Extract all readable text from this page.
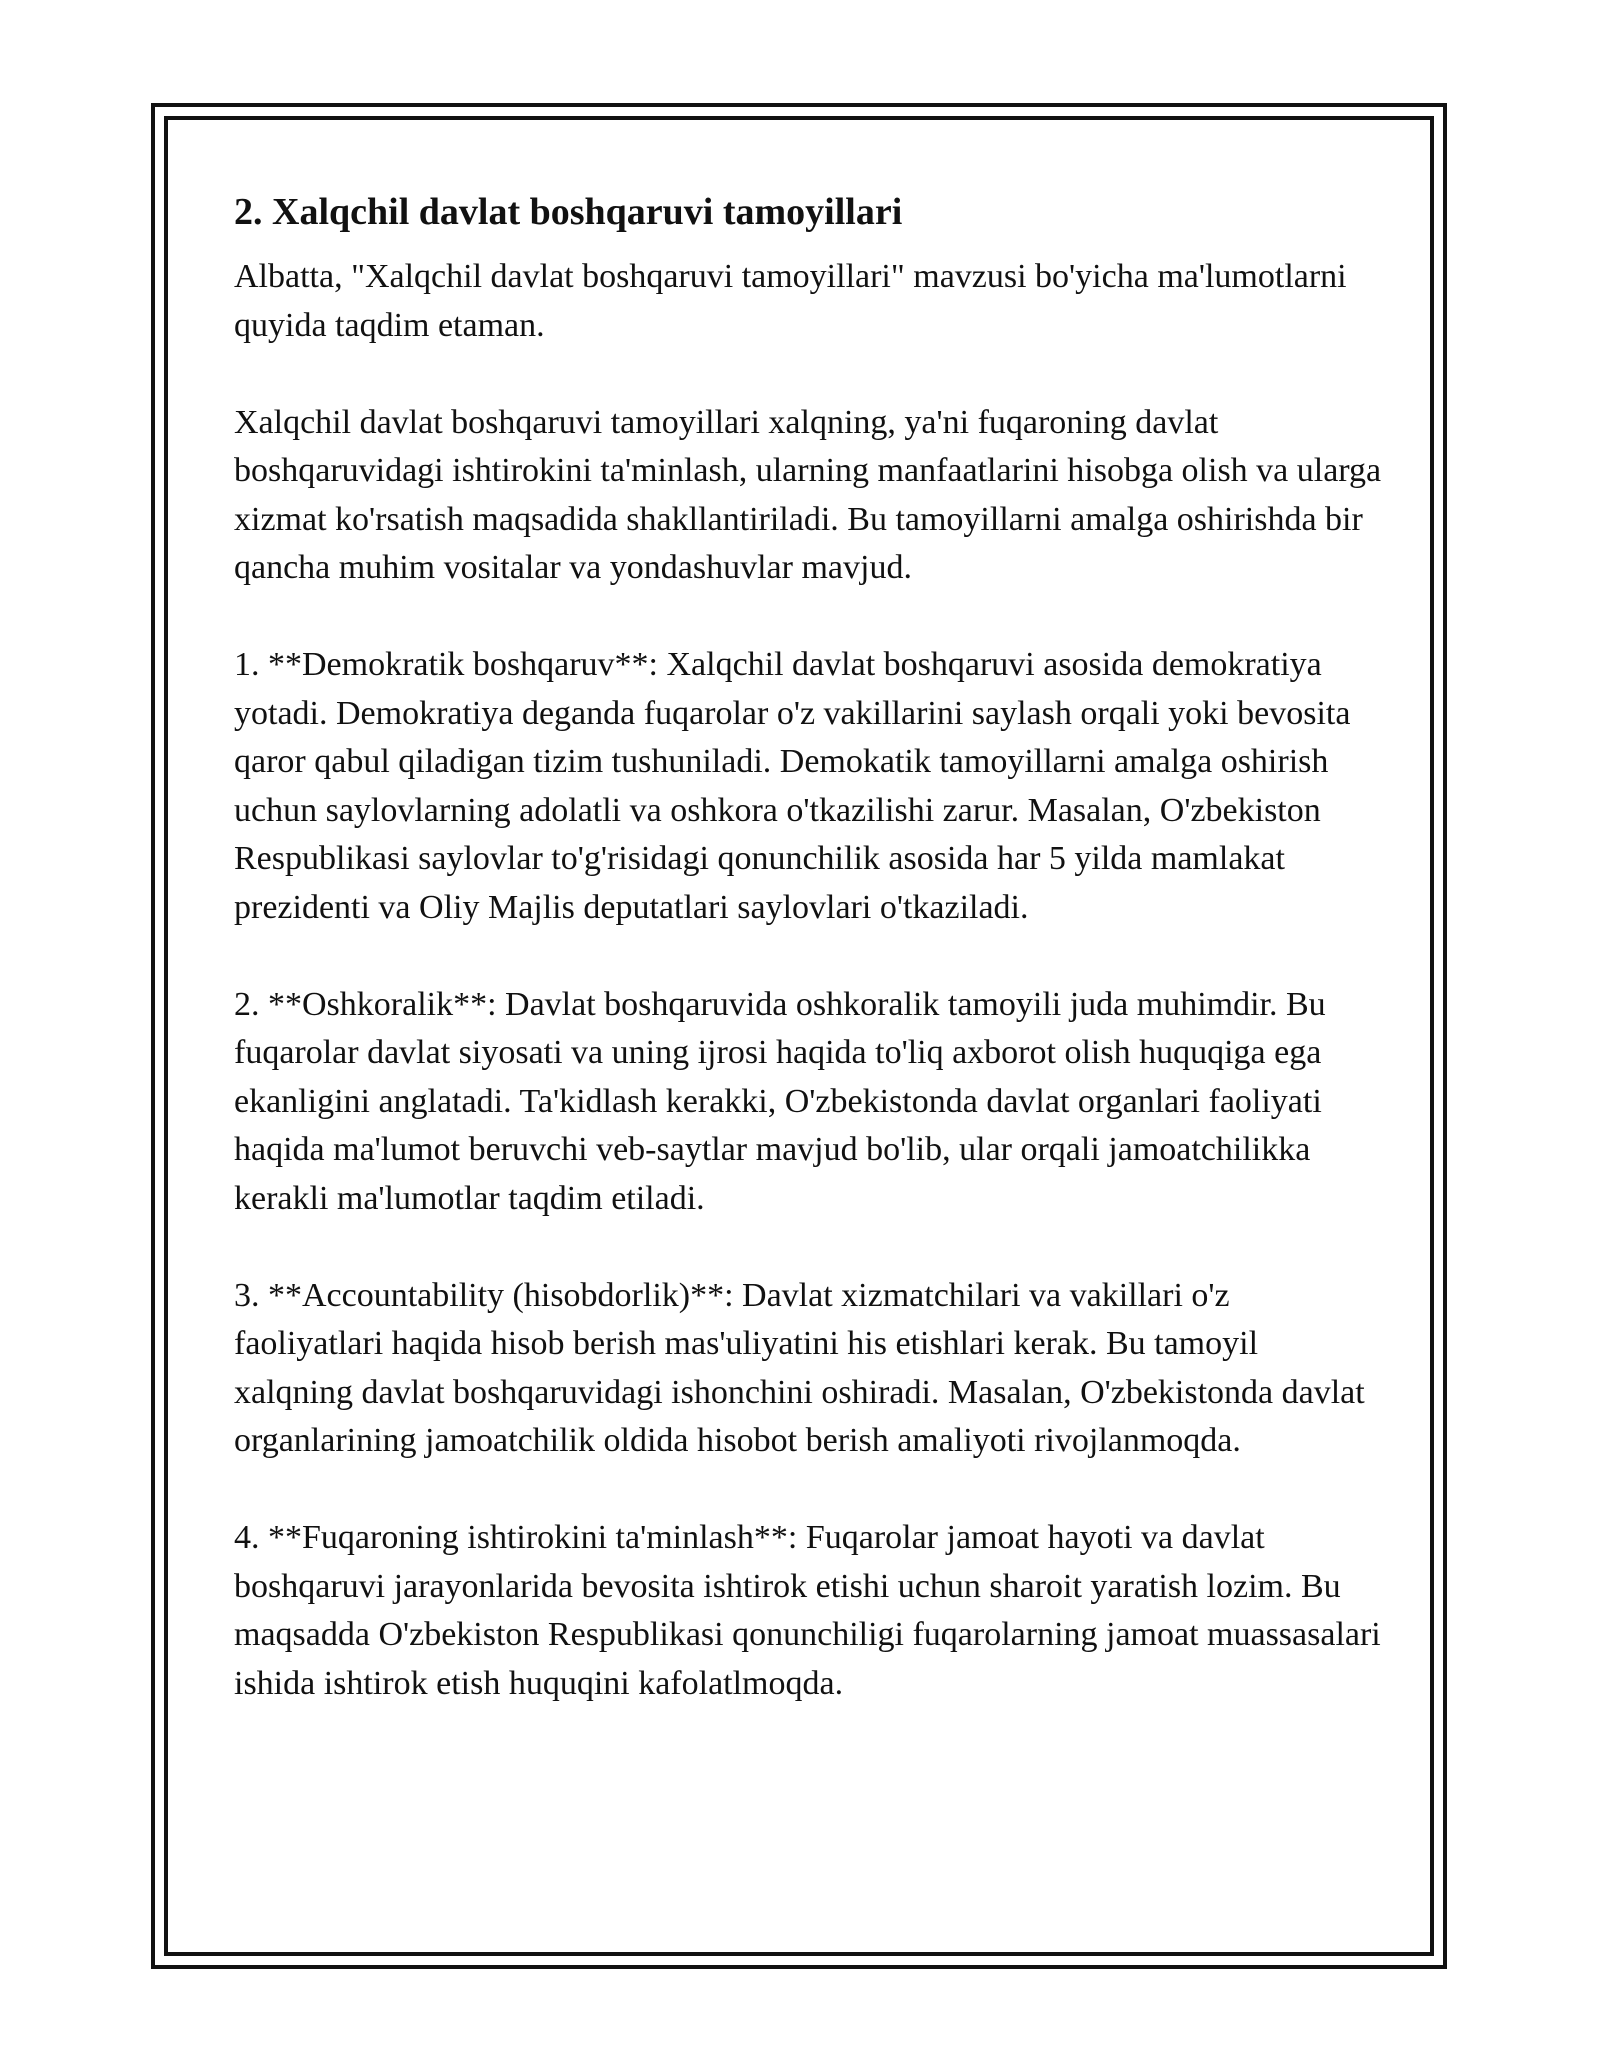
2. Xalqchil davlat boshqaruvi tamoyillari

Albatta, "Xalqchil davlat boshqaruvi tamoyillari" mavzusi bo'yicha ma'lumotlarni quyida taqdim etaman.

Xalqchil davlat boshqaruvi tamoyillari xalqning, ya'ni fuqaroning davlat boshqaruvidagi ishtirokini ta'minlash, ularning manfaatlarini hisobga olish va ularga xizmat ko'rsatish maqsadida shakllantiriladi. Bu tamoyillarni amalga oshirishda bir qancha muhim vositalar va yondashuvlar mavjud.

1. **Demokratik boshqaruv**: Xalqchil davlat boshqaruvi asosida demokratiya yotadi. Demokratiya deganda fuqarolar o'z vakillarini saylash orqali yoki bevosita qaror qabul qiladigan tizim tushuniladi. Demokatik tamoyillarni amalga oshirish uchun saylovlarning adolatli va oshkora o'tkazilishi zarur. Masalan, O'zbekiston Respublikasi saylovlar to'g'risidagi qonunchilik asosida har 5 yilda mamlakat prezidenti va Oliy Majlis deputatlari saylovlari o'tkaziladi.

2. **Oshkoralik**: Davlat boshqaruvida oshkoralik tamoyili juda muhimdir. Bu fuqarolar davlat siyosati va uning ijrosi haqida to'liq axborot olish huquqiga ega ekanligini anglatadi. Ta'kidlash kerakki, O'zbekistonda davlat organlari faoliyati haqida ma'lumot beruvchi veb-saytlar mavjud bo'lib, ular orqali jamoatchilikka kerakli ma'lumotlar taqdim etiladi.

3. **Accountability (hisobdorlik)**: Davlat xizmatchilari va vakillari o'z faoliyatlari haqida hisob berish mas'uliyatini his etishlari kerak. Bu tamoyil xalqning davlat boshqaruvidagi ishonchini oshiradi. Masalan, O'zbekistonda davlat organlarining jamoatchilik oldida hisobot berish amaliyoti rivojlanmoqda.

4. **Fuqaroning ishtirokini ta'minlash**: Fuqarolar jamoat hayoti va davlat boshqaruvi jarayonlarida bevosita ishtirok etishi uchun sharoit yaratish lozim. Bu maqsadda O'zbekiston Respublikasi qonunchiligi fuqarolarning jamoat muassasalari ishida ishtirok etish huquqini kafolatlmoqda.
